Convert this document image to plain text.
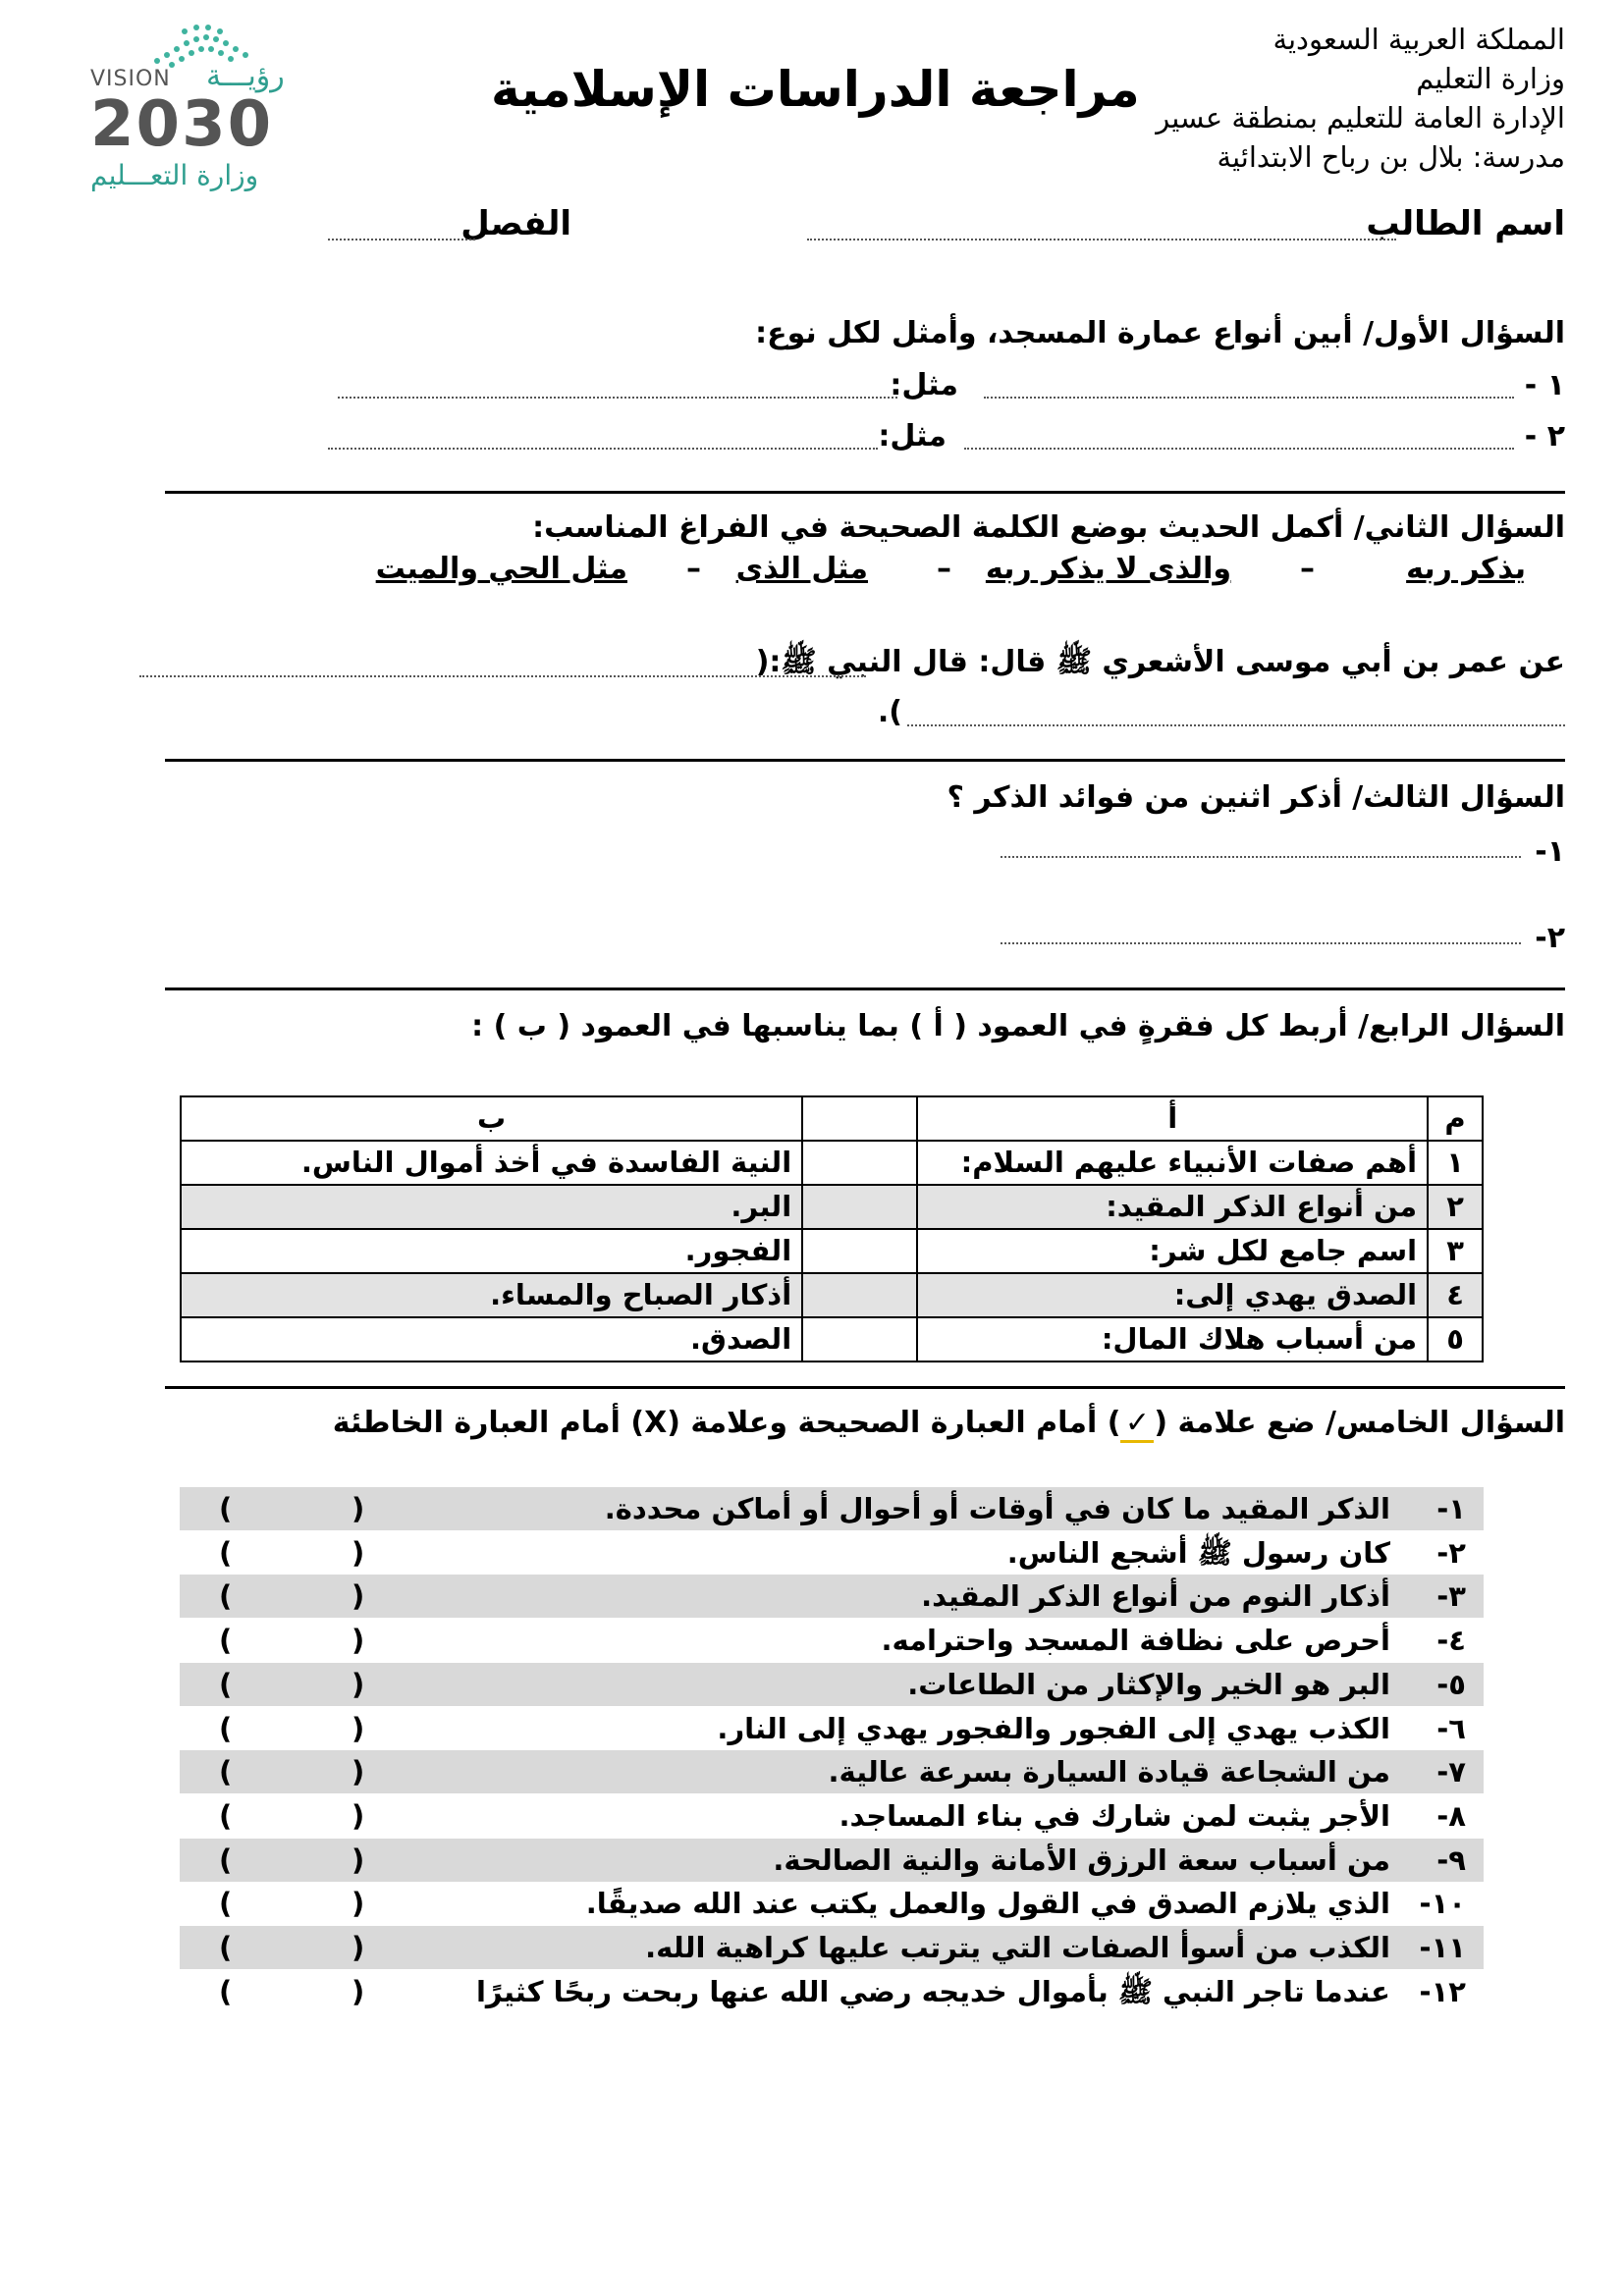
المملكة العربية السعودية
وزارة التعليم
الإدارة العامة للتعليم بمنطقة عسير
مدرسة: بلال بن رباح الابتدائية
اسم الطالب
الفصل
مراجعة الدراسات الإسلامية
VISION رؤيـــة
2030
وزارة التعـــليم
السؤال الأول/ أبين أنواع عمارة المسجد، وأمثل لكل نوع:
١ -
مثل:
٢ -
مثل:
السؤال الثاني/ أكمل الحديث بوضع الكلمة الصحيحة في الفراغ المناسب:
يذكر ربه
–
والذى لا يذكر ربه
–
مثل الذى
–
مثل الحي والميت
عن عمر بن أبي موسى الأشعري ﷺ قال: قال النبي ﷺ:(
).
السؤال الثالث/ أذكر اثنين من فوائد الذكر ؟
١-
٢-
السؤال الرابع/ أربط كل فقرةٍ في العمود ( أ ) بما يناسبها في العمود ( ب ) :
م	أ		ب
١	أهم صفات الأنبياء عليهم السلام:		النية الفاسدة في أخذ أموال الناس.
٢	من أنواع الذكر المقيد:		البر.
٣	اسم جامع لكل شر:		الفجور.
٤	الصدق يهدي إلى:		أذكار الصباح والمساء.
٥	من أسباب هلاك المال:		الصدق.
السؤال الخامس/ ضع علامة (✓) أمام العبارة الصحيحة وعلامة (X) أمام العبارة الخاطئة
١-
الذكر المقيد ما كان في أوقات أو أحوال أو أماكن محددة.
(
)
٢-
كان رسول ﷺ أشجع الناس.
(
)
٣-
أذكار النوم من أنواع الذكر المقيد.
(
)
٤-
أحرص على نظافة المسجد واحترامه.
(
)
٥-
البر هو الخير والإكثار من الطاعات.
(
)
٦-
الكذب يهدي إلى الفجور والفجور يهدي إلى النار.
(
)
٧-
من الشجاعة قيادة السيارة بسرعة عالية.
(
)
٨-
الأجر يثبت لمن شارك في بناء المساجد.
(
)
٩-
من أسباب سعة الرزق الأمانة والنية الصالحة.
(
)
١٠-
الذي يلازم الصدق في القول والعمل يكتب عند الله صديقًا.
(
)
١١-
الكذب من أسوأ الصفات التي يترتب عليها كراهية الله.
(
)
١٢-
عندما تاجر النبي ﷺ بأموال خديجه رضي الله عنها ربحت ربحًا كثيرًا
(
)
